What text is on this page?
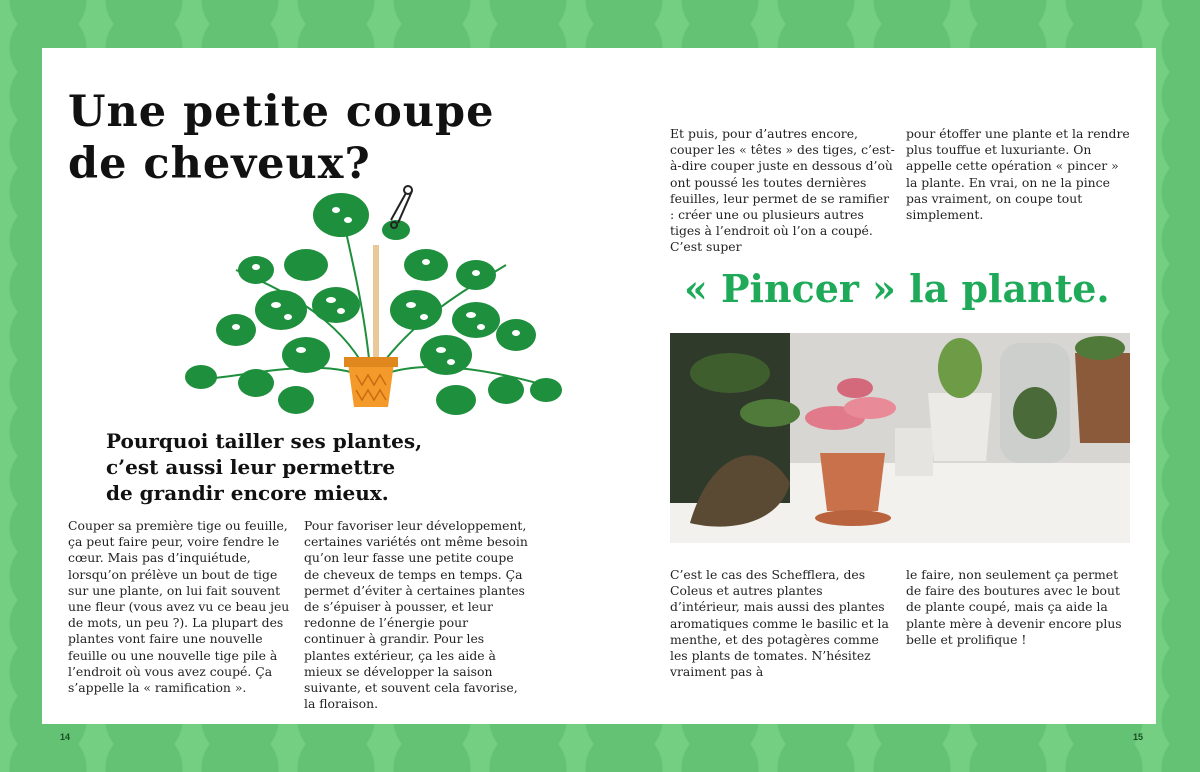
Une petite coupe
de cheveux?
Pourquoi tailler ses plantes,
c’est aussi leur permettre
de grandir encore mieux.

Couper sa première tige ou feuille, ça peut faire peur, voire fendre le cœur. Mais pas d’inquiétude, lorsqu’on prélève un bout de tige sur une plante, on lui fait souvent une fleur (vous avez vu ce beau jeu de mots, un peu ?). La plupart des plantes vont faire une nouvelle feuille ou une nouvelle tige pile à l’endroit où vous avez coupé. Ça s’appelle la « ramification ».

Pour favoriser leur développement, certaines variétés ont même besoin qu’on leur fasse une petite coupe de cheveux de temps en temps. Ça permet d’éviter à certaines plantes de s’épuiser à pousser, et leur redonne de l’énergie pour continuer à grandir. Pour les plantes extérieur, ça les aide à mieux se développer la saison suivante, et souvent cela favorise, la floraison.

Et puis, pour d’autres encore, couper les « têtes » des tiges, c’est-à-dire couper juste en dessous d’où ont poussé les toutes dernières feuilles, leur permet de se ramifier : créer une ou plusieurs autres tiges à l’endroit où l’on a coupé. C’est super

pour étoffer une plante et la rendre plus touffue et luxuriante. On appelle cette opération « pincer » la plante. En vrai, on ne la pince pas vraiment, on coupe tout simplement.

« Pincer » la plante.

C’est le cas des Schefflera, des Coleus et autres plantes d’intérieur, mais aussi des plantes aromatiques comme le basilic et la menthe, et des potagères comme les plants de tomates. N’hésitez vraiment pas à

le faire, non seulement ça permet de faire des boutures avec le bout de plante coupé, mais ça aide la plante mère à devenir encore plus belle et prolifique !

14	15
